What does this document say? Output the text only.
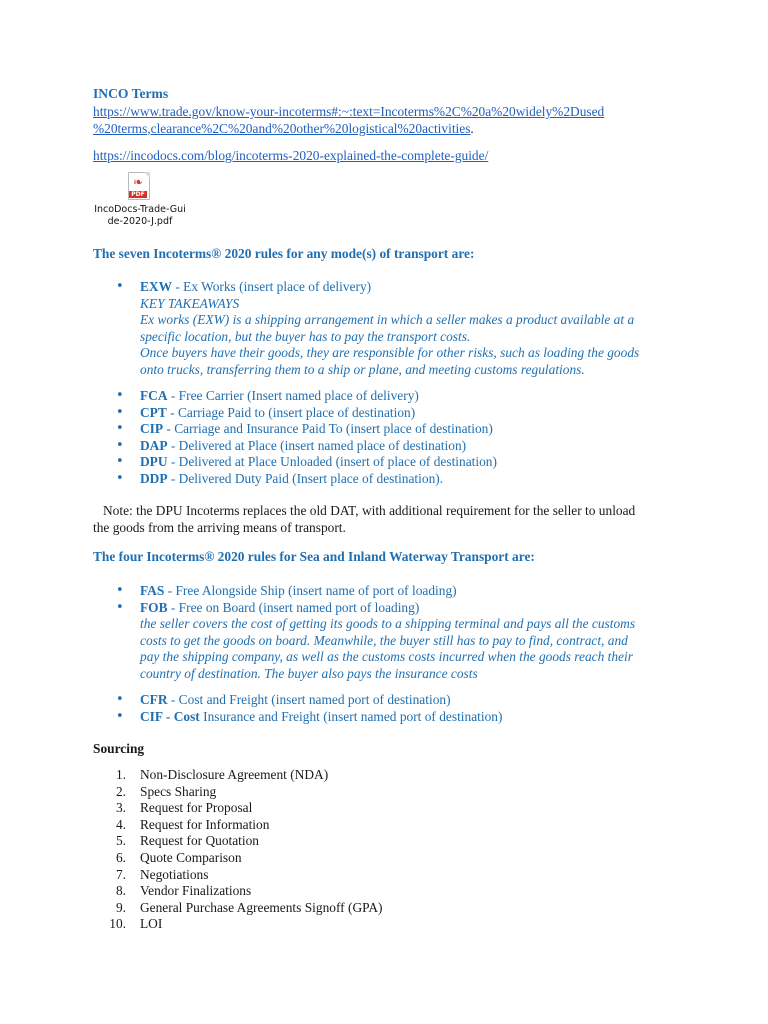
INCO Terms
https://www.trade.gov/know-your-incoterms#:~:text=Incoterms%2C%20a%20widely%2Dused
%20terms,clearance%2C%20and%20other%20logistical%20activities.
https://incodocs.com/blog/incoterms-2020-explained-the-complete-guide/
❧
PDF
IncoDocs-Trade-Gui
de-2020-J.pdf
The seven Incoterms® 2020 rules for any mode(s) of transport are:
• EXW - Ex Works (insert place of delivery)
KEY TAKEAWAYS
Ex works (EXW) is a shipping arrangement in which a seller makes a product available at a
specific location, but the buyer has to pay the transport costs.
Once buyers have their goods, they are responsible for other risks, such as loading the goods
onto trucks, transferring them to a ship or plane, and meeting customs regulations.
• FCA - Free Carrier (Insert named place of delivery)
• CPT - Carriage Paid to (insert place of destination)
• CIP - Carriage and Insurance Paid To (insert place of destination)
• DAP - Delivered at Place (insert named place of destination)
• DPU - Delivered at Place Unloaded (insert of place of destination)
• DDP - Delivered Duty Paid (Insert place of destination).
Note: the DPU Incoterms replaces the old DAT, with additional requirement for the seller to unload
the goods from the arriving means of transport.
The four Incoterms® 2020 rules for Sea and Inland Waterway Transport are:
• FAS - Free Alongside Ship (insert name of port of loading)
• FOB - Free on Board (insert named port of loading)
the seller covers the cost of getting its goods to a shipping terminal and pays all the customs
costs to get the goods on board. Meanwhile, the buyer still has to pay to find, contract, and
pay the shipping company, as well as the customs costs incurred when the goods reach their
country of destination. The buyer also pays the insurance costs
• CFR - Cost and Freight (insert named port of destination)
• CIF - Cost Insurance and Freight (insert named port of destination)
Sourcing
1. Non-Disclosure Agreement (NDA)
2. Specs Sharing
3. Request for Proposal
4. Request for Information
5. Request for Quotation
6. Quote Comparison
7. Negotiations
8. Vendor Finalizations
9. General Purchase Agreements Signoff (GPA)
10. LOI
